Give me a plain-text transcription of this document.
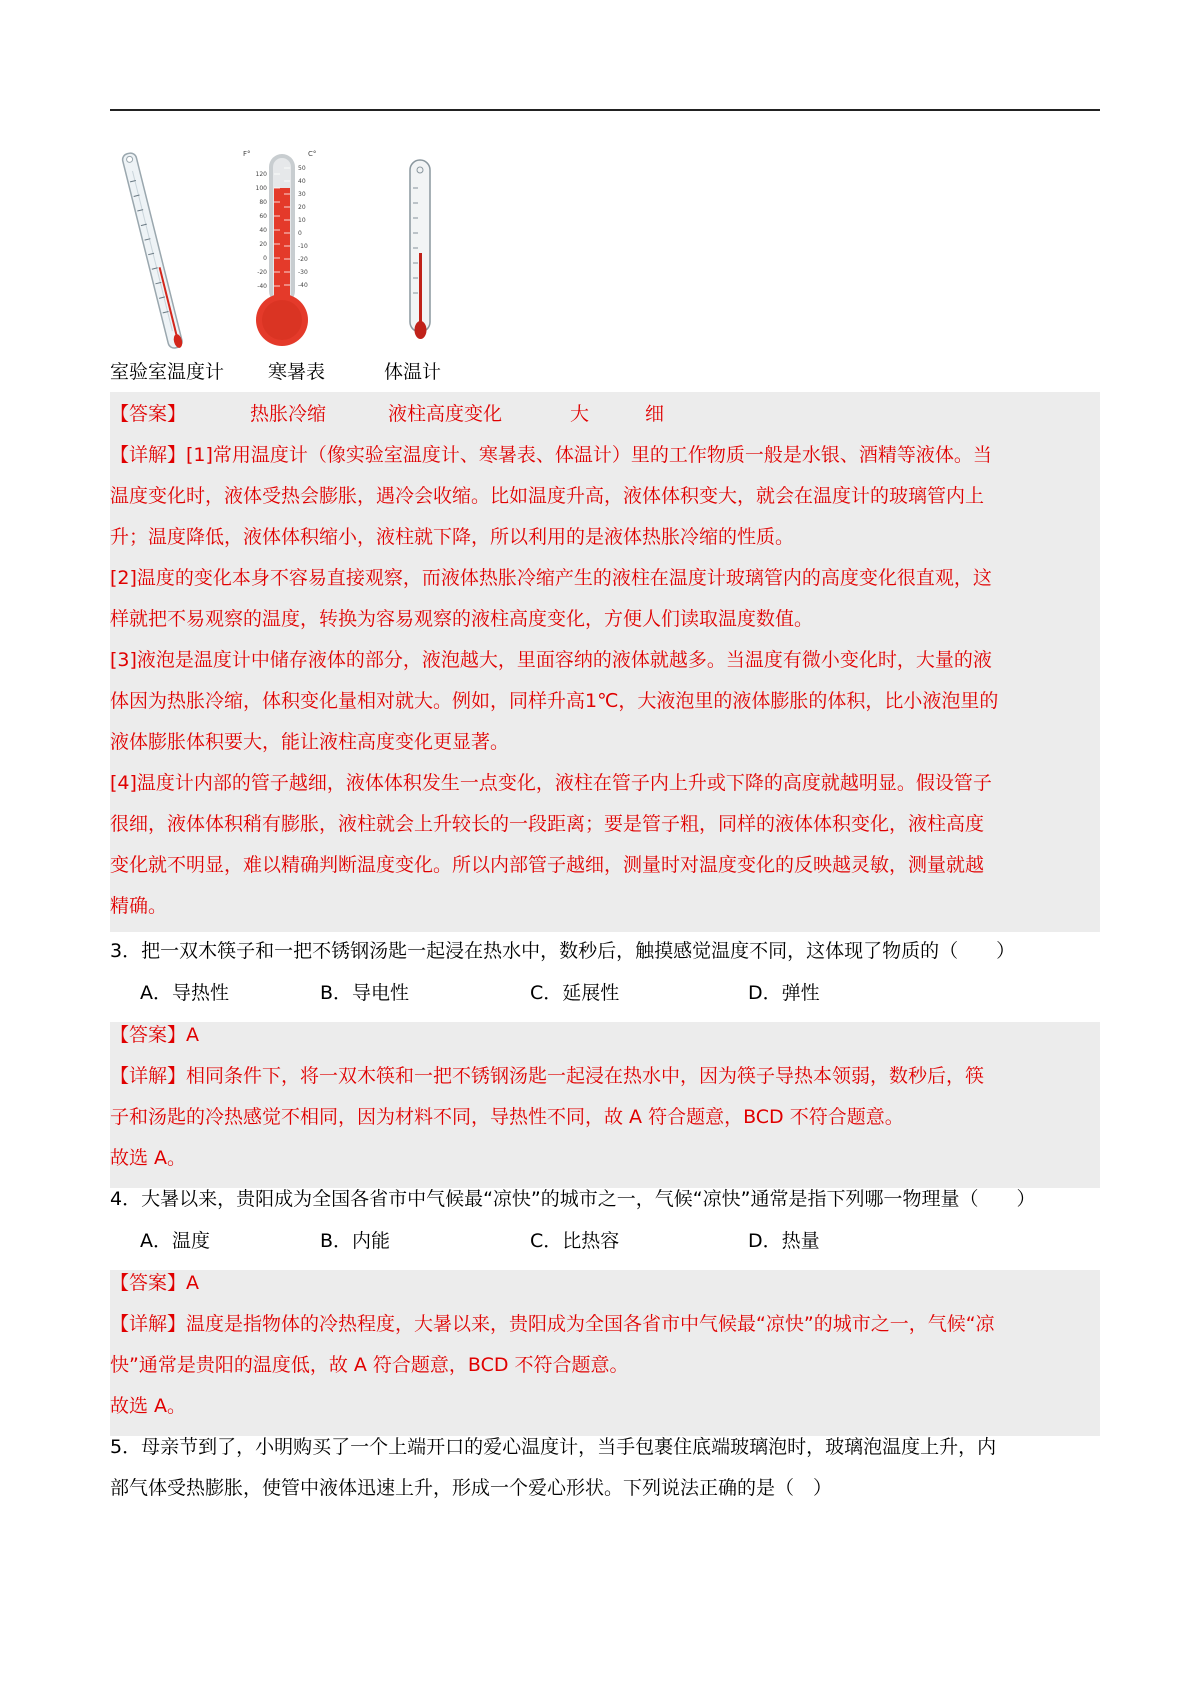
室验室温度计
F°	C°
120
100
80
60
40
20
0
-20
-40
50
40
30
20
10
0
-10
-20
-30
-40
寒暑表	体温计
【答案】	热胀冷缩	液柱高度变化	大	细
【详解】[1]常用温度计（像实验室温度计、寒暑表、体温计）里的工作物质一般是水银、酒精等液体。当
温度变化时，液体受热会膨胀，遇冷会收缩。比如温度升高，液体体积变大，就会在温度计的玻璃管内上
升；温度降低，液体体积缩小，液柱就下降，所以利用的是液体热胀冷缩的性质。
[2]温度的变化本身不容易直接观察，而液体热胀冷缩产生的液柱在温度计玻璃管内的高度变化很直观，这
样就把不易观察的温度，转换为容易观察的液柱高度变化，方便人们读取温度数值。
[3]液泡是温度计中储存液体的部分，液泡越大，里面容纳的液体就越多。当温度有微小变化时，大量的液
体因为热胀冷缩，体积变化量相对就大。例如，同样升高1℃，大液泡里的液体膨胀的体积，比小液泡里的
液体膨胀体积要大，能让液柱高度变化更显著。
[4]温度计内部的管子越细，液体体积发生一点变化，液柱在管子内上升或下降的高度就越明显。假设管子
很细，液体体积稍有膨胀，液柱就会上升较长的一段距离；要是管子粗，同样的液体体积变化，液柱高度
变化就不明显，难以精确判断温度变化。所以内部管子越细，测量时对温度变化的反映越灵敏，测量就越
精确。
3．把一双木筷子和一把不锈钢汤匙一起浸在热水中，数秒后，触摸感觉温度不同，这体现了物质的（　　）
A．导热性	B．导电性	C．延展性	D．弹性
【答案】A
【详解】相同条件下，将一双木筷和一把不锈钢汤匙一起浸在热水中，因为筷子导热本领弱，数秒后，筷
子和汤匙的冷热感觉不相同，因为材料不同，导热性不同，故 A 符合题意，BCD 不符合题意。
故选 A。
4．大暑以来，贵阳成为全国各省市中气候最“凉快”的城市之一，气候“凉快”通常是指下列哪一物理量（　　）
A．温度	B．内能	C．比热容	D．热量
【答案】A
【详解】温度是指物体的冷热程度，大暑以来，贵阳成为全国各省市中气候最“凉快”的城市之一，气候“凉
快”通常是贵阳的温度低，故 A 符合题意，BCD 不符合题意。
故选 A。
5．母亲节到了，小明购买了一个上端开口的爱心温度计，当手包裹住底端玻璃泡时，玻璃泡温度上升，内
部气体受热膨胀，使管中液体迅速上升，形成一个爱心形状。下列说法正确的是（　）
